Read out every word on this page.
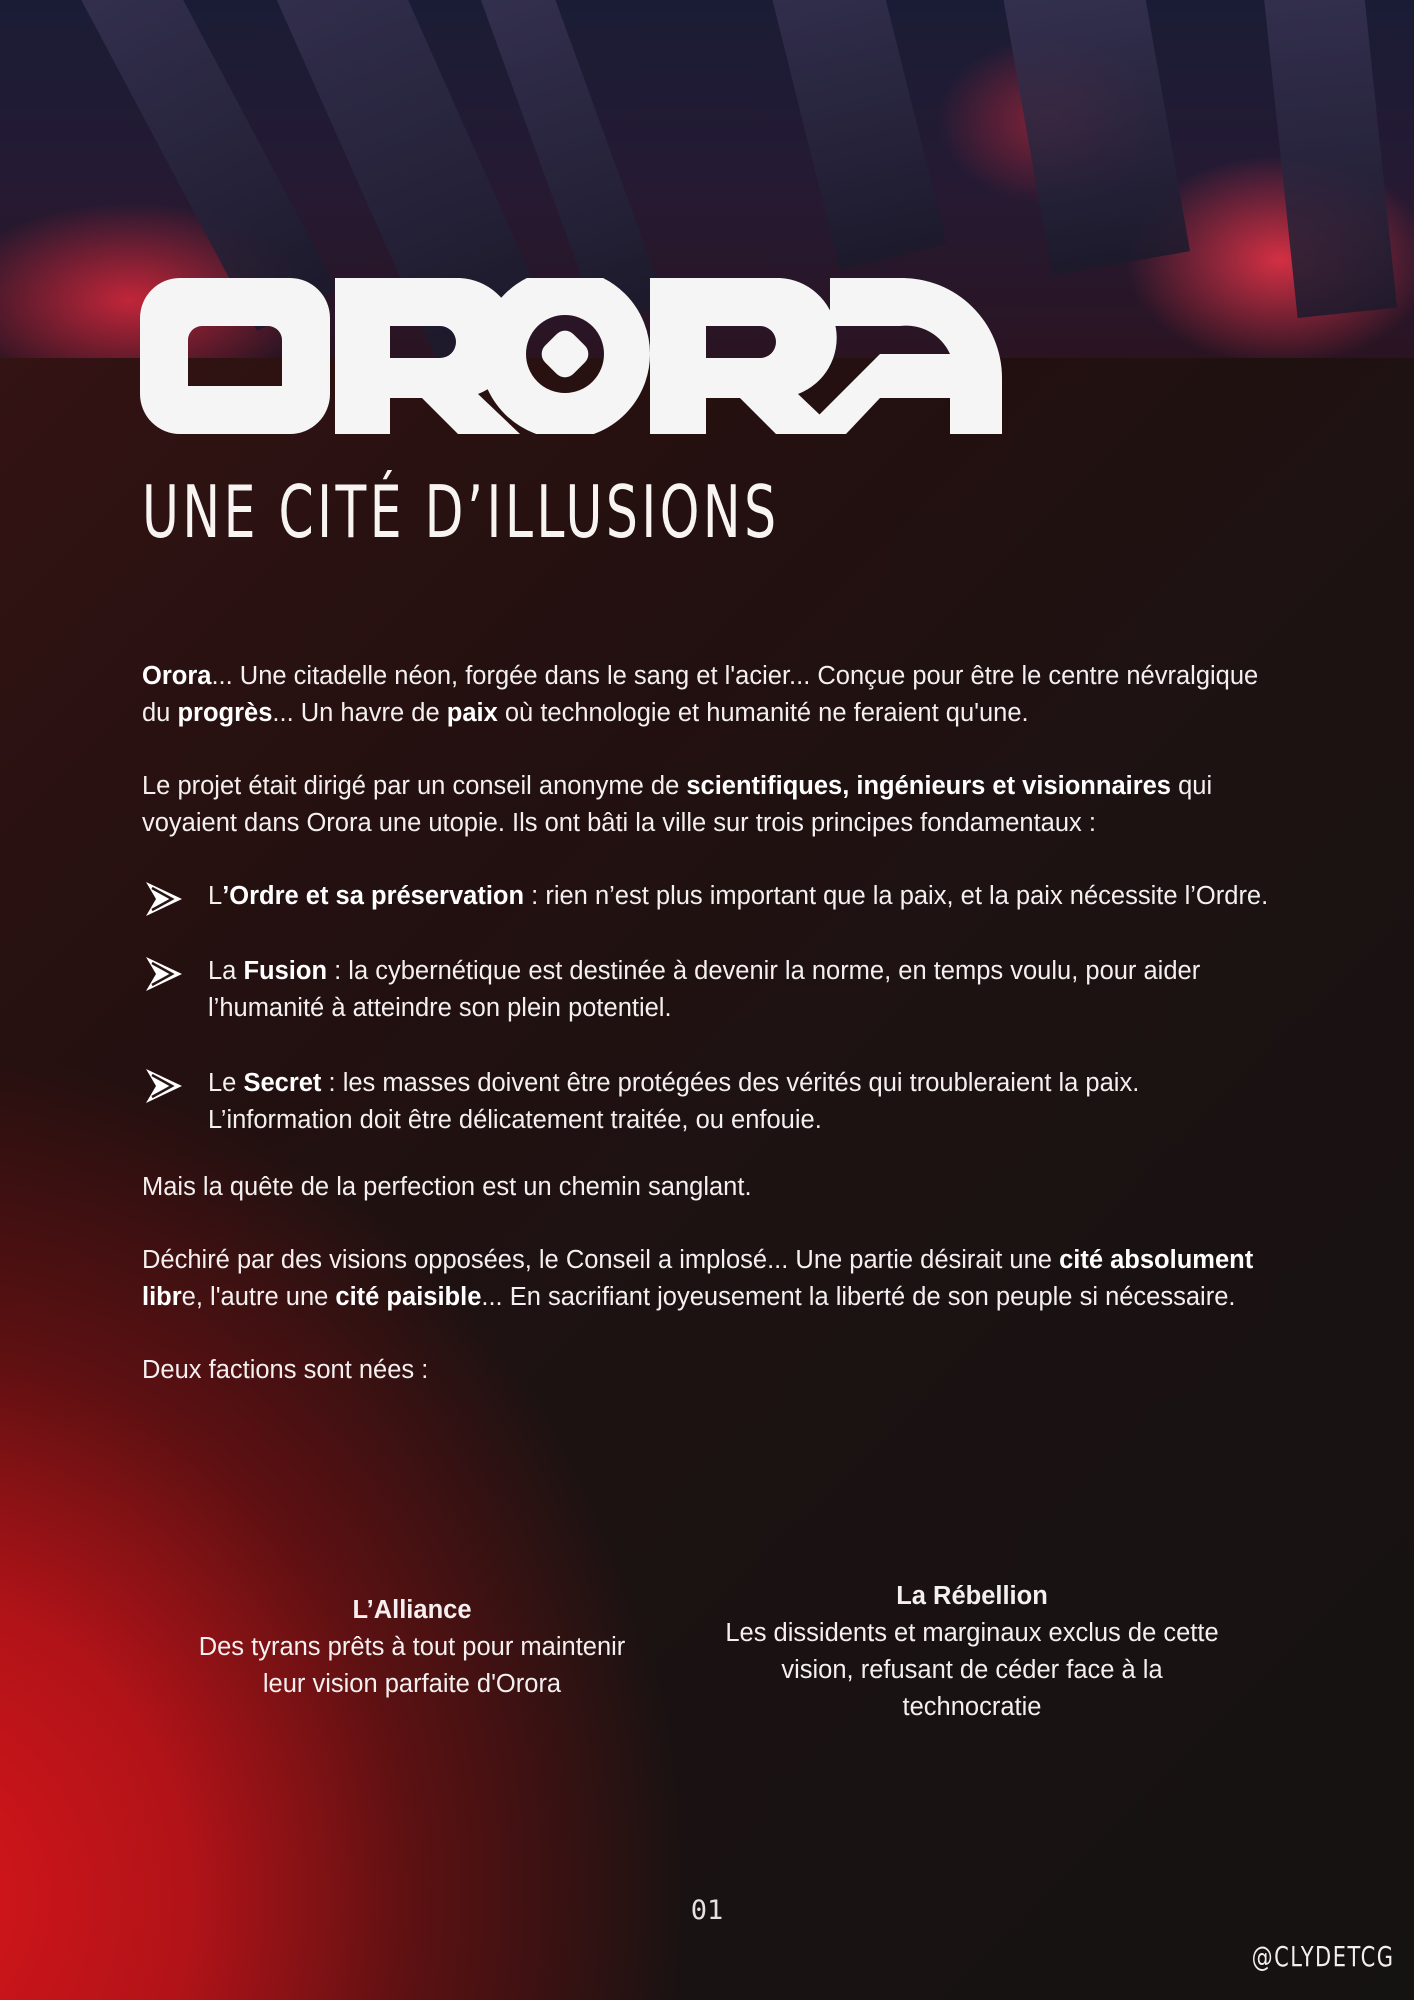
UNE CITÉ D’ILLUSIONS

Orora... Une citadelle néon, forgée dans le sang et l'acier... Conçue pour être le centre névralgique du progrès... Un havre de paix où technologie et humanité ne feraient qu'une.

Le projet était dirigé par un conseil anonyme de scientifiques, ingénieurs et visionnaires qui voyaient dans Orora une utopie. Ils ont bâti la ville sur trois principes fondamentaux :

L’Ordre et sa préservation : rien n’est plus important que la paix, et la paix nécessite l’Ordre.
La Fusion : la cybernétique est destinée à devenir la norme, en temps voulu, pour aider l’humanité à atteindre son plein potentiel.
Le Secret : les masses doivent être protégées des vérités qui troubleraient la paix. L’information doit être délicatement traitée, ou enfouie.

Mais la quête de la perfection est un chemin sanglant.

Déchiré par des visions opposées, le Conseil a implosé... Une partie désirait une cité absolument libre, l'autre une cité paisible... En sacrifiant joyeusement la liberté de son peuple si nécessaire.

Deux factions sont nées :

L’Alliance
Des tyrans prêts à tout pour maintenir leur vision parfaite d'Orora
La Rébellion
Les dissidents et marginaux exclus de cette vision, refusant de céder face à la technocratie
01
@CLYDETCG
